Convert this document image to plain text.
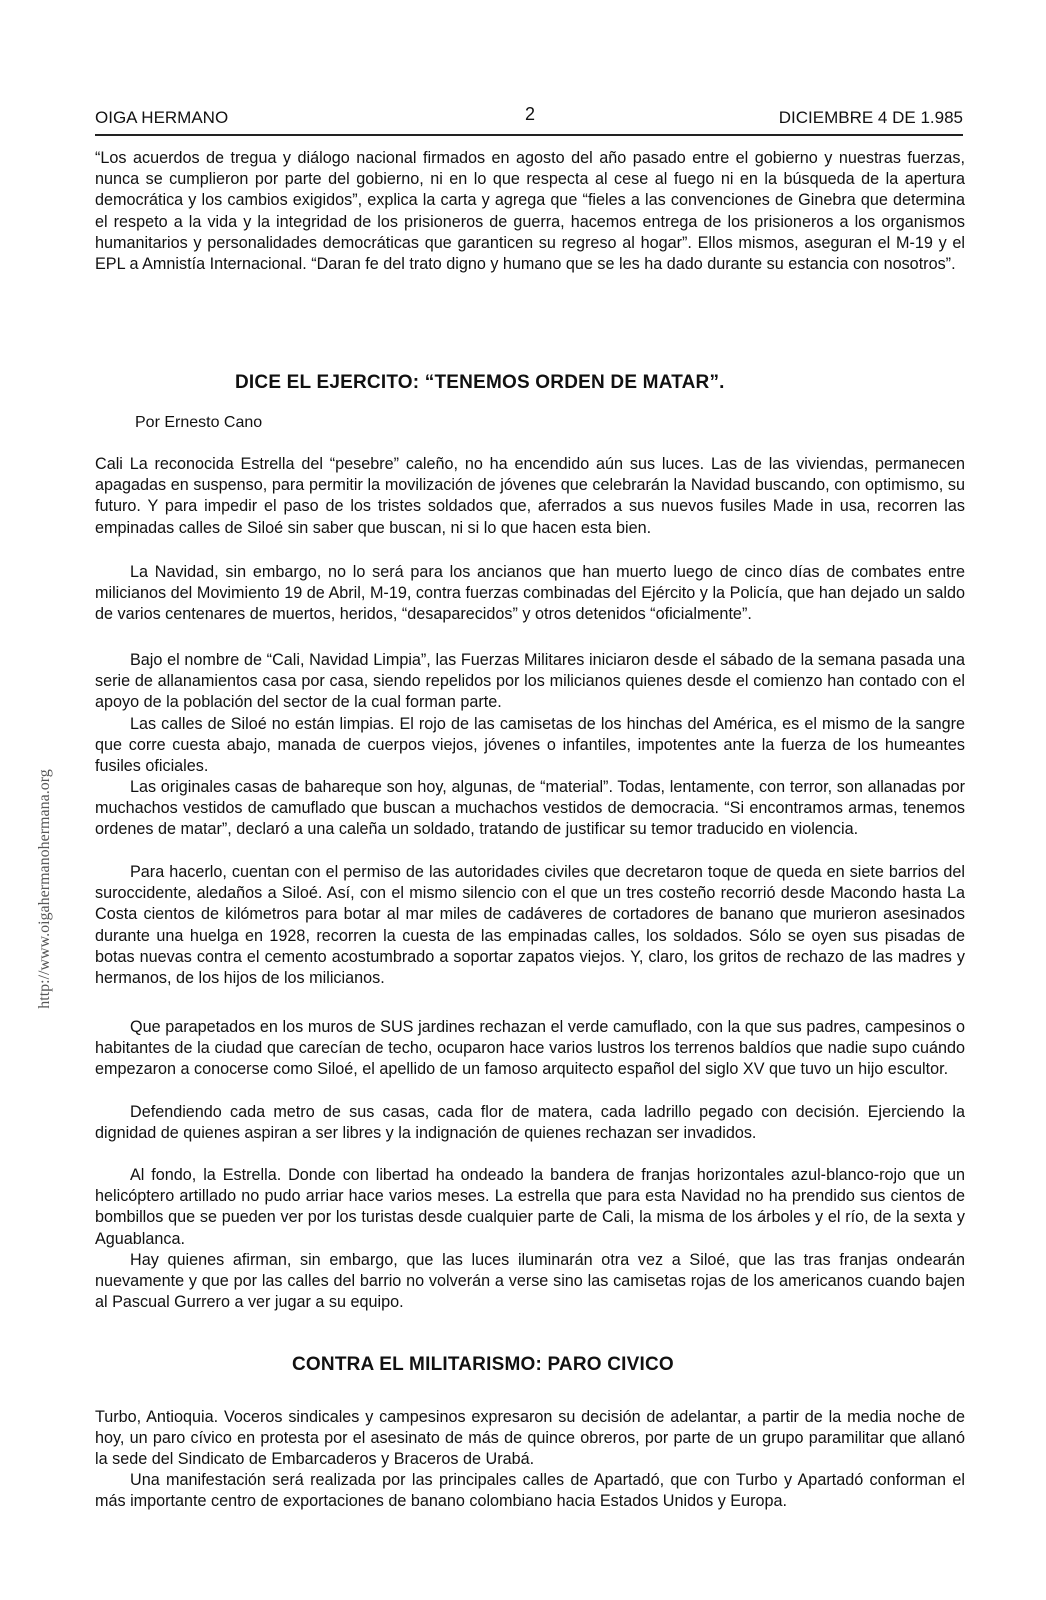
OIGA HERMANO	2	DICIEMBRE 4 DE 1.985
http://www.oigahermanohermana.org

“Los acuerdos de tregua y diálogo nacional firmados en agosto del año pasado entre el gobierno y nuestras fuerzas, nunca se cumplieron por parte del gobierno, ni en lo que respecta al cese al fuego ni en la búsqueda de la apertura democrática y los cambios exigidos”, explica la carta y agrega que “fieles a las convenciones de Ginebra que determina el respeto a la vida y la integridad de los prisioneros de guerra, hacemos entrega de los prisioneros a los organismos humanitarios y personalidades democráticas que garanticen su regreso al hogar”. Ellos mismos, aseguran el M-19 y el EPL a Amnistía Internacional. “Daran fe del trato digno y humano que se les ha dado durante su estancia con nosotros”.

DICE EL EJERCITO: “TENEMOS ORDEN DE MATAR”.
Por Ernesto Cano

Cali La reconocida Estrella del “pesebre” caleño, no ha encendido aún sus luces. Las de las viviendas, permanecen apagadas en suspenso, para permitir la movilización de jóvenes que celebrarán la Navidad buscando, con optimismo, su futuro. Y para impedir el paso de los tristes soldados que, aferrados a sus nuevos fusiles Made in usa, recorren las empinadas calles de Siloé sin saber que buscan, ni si lo que hacen esta bien.

La Navidad, sin embargo, no lo será para los ancianos que han muerto luego de cinco días de combates entre milicianos del Movimiento 19 de Abril, M-19, contra fuerzas combinadas del Ejército y la Policía, que han dejado un saldo de varios centenares de muertos, heridos, “desaparecidos” y otros detenidos “oficialmente”.

Bajo el nombre de “Cali, Navidad Limpia”, las Fuerzas Militares iniciaron desde el sábado de la semana pasada una serie de allanamientos casa por casa, siendo repelidos por los milicianos quienes desde el comienzo han contado con el apoyo de la población del sector de la cual forman parte.

Las calles de Siloé no están limpias. El rojo de las camisetas de los hinchas del América, es el mismo de la sangre que corre cuesta abajo, manada de cuerpos viejos, jóvenes o infantiles, impotentes ante la fuerza de los humeantes fusiles oficiales.

Las originales casas de bahareque son hoy, algunas, de “material”. Todas, lentamente, con terror, son allanadas por muchachos vestidos de camuflado que buscan a muchachos vestidos de democracia. “Si encontramos armas, tenemos ordenes de matar”, declaró a una caleña un soldado, tratando de justificar su temor traducido en violencia.

Para hacerlo, cuentan con el permiso de las autoridades civiles que decretaron toque de queda en siete barrios del suroccidente, aledaños a Siloé. Así, con el mismo silencio con el que un tres costeño recorrió desde Macondo hasta La Costa cientos de kilómetros para botar al mar miles de cadáveres de cortadores de banano que murieron asesinados durante una huelga en 1928, recorren la cuesta de las empinadas calles, los soldados. Sólo se oyen sus pisadas de botas nuevas contra el cemento acostumbrado a soportar zapatos viejos. Y, claro, los gritos de rechazo de las madres y hermanos, de los hijos de los milicianos.

Que parapetados en los muros de SUS jardines rechazan el verde camuflado, con la que sus padres, campesinos o habitantes de la ciudad que carecían de techo, ocuparon hace varios lustros los terrenos baldíos que nadie supo cuándo empezaron a conocerse como Siloé, el apellido de un famoso arquitecto español del siglo XV que tuvo un hijo escultor.

Defendiendo cada metro de sus casas, cada flor de matera, cada ladrillo pegado con decisión. Ejerciendo la dignidad de quienes aspiran a ser libres y la indignación de quienes rechazan ser invadidos.

Al fondo, la Estrella. Donde con libertad ha ondeado la bandera de franjas horizontales azul-blanco-rojo que un helicóptero artillado no pudo arriar hace varios meses. La estrella que para esta Navidad no ha prendido sus cientos de bombillos que se pueden ver por los turistas desde cualquier parte de Cali, la misma de los árboles y el río, de la sexta y Aguablanca.

Hay quienes afirman, sin embargo, que las luces iluminarán otra vez a Siloé, que las tras franjas ondearán nuevamente y que por las calles del barrio no volverán a verse sino las camisetas rojas de los americanos cuando bajen al Pascual Gurrero a ver jugar a su equipo.

CONTRA EL MILITARISMO: PARO CIVICO

Turbo, Antioquia. Voceros sindicales y campesinos expresaron su decisión de adelantar, a partir de la media noche de hoy, un paro cívico en protesta por el asesinato de más de quince obreros, por parte de un grupo paramilitar que allanó la sede del Sindicato de Embarcaderos y Braceros de Urabá.

Una manifestación será realizada por las principales calles de Apartadó, que con Turbo y Apartadó conforman el más importante centro de exportaciones de banano colombiano hacia Estados Unidos y Europa.
